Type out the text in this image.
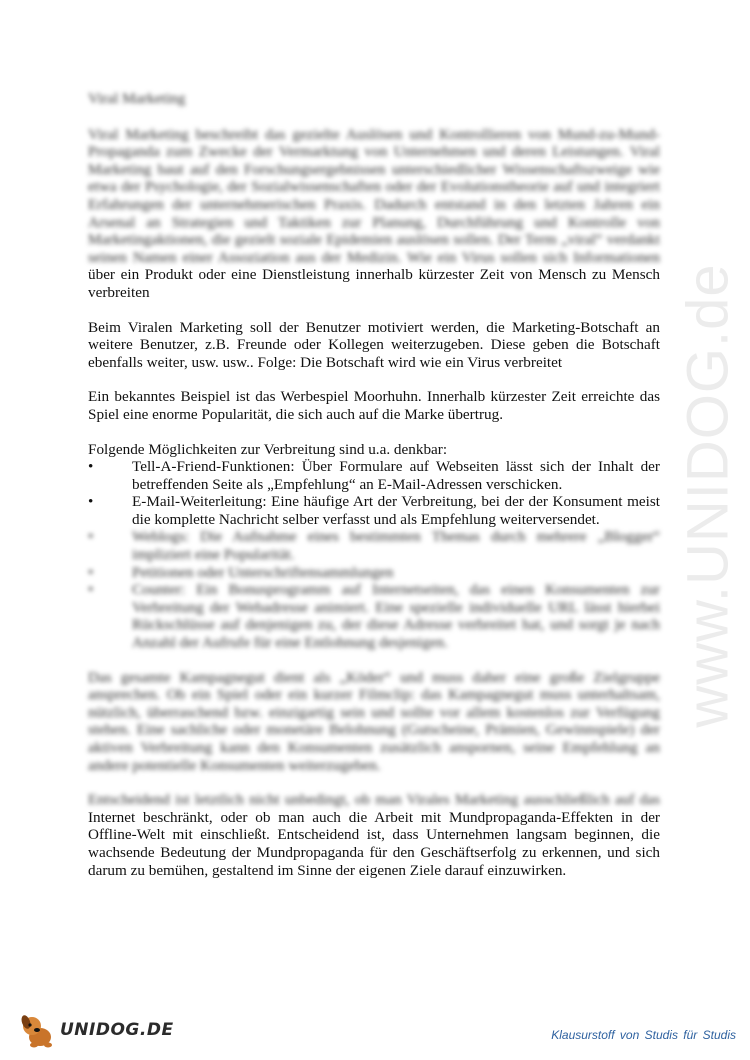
www.UNIDOG.de
Viral Marketing

Viral Marketing beschreibt das gezielte Auslösen und Kontrollieren von Mund-zu-Mund-Propaganda zum Zwecke der Vermarktung von Unternehmen und deren Leistungen. Viral Marketing baut auf den Forschungsergebnissen unterschiedlicher Wissenschaftszweige wie etwa der Psychologie, der Sozialwissenschaften oder der Evolutionstheorie auf und integriert Erfahrungen der unternehmerischen Praxis. Dadurch entstand in den letzten Jahren ein Arsenal an Strategien und Taktiken zur Planung, Durchführung und Kontrolle von Marketingaktionen, die gezielt soziale Epidemien auslösen sollen. Der Term „viral“ verdankt seinen Namen einer Assoziation aus der Medizin. Wie ein Virus sollen sich Informationen über ein Produkt oder eine Dienstleistung innerhalb kürzester Zeit von Mensch zu Mensch verbreiten

Beim Viralen Marketing soll der Benutzer motiviert werden, die Marketing-Botschaft an weitere Benutzer, z.B. Freunde oder Kollegen weiterzugeben. Diese geben die Botschaft ebenfalls weiter, usw. usw.. Folge: Die Botschaft wird wie ein Virus verbreitet

Ein bekanntes Beispiel ist das Werbespiel Moorhuhn. Innerhalb kürzester Zeit erreichte das Spiel eine enorme Popularität, die sich auch auf die Marke übertrug.

Folgende Möglichkeiten zur Verbreitung sind u.a. denkbar:
•	Tell-A-Friend-Funktionen: Über Formulare auf Webseiten lässt sich der Inhalt der betreffenden Seite als „Empfehlung“ an E-Mail-Adressen verschicken.
•	E-Mail-Weiterleitung: Eine häufige Art der Verbreitung, bei der der Konsument meist die komplette Nachricht selber verfasst und als Empfehlung weiterversendet.
•	Weblogs: Die Aufnahme eines bestimmten Themas durch mehrere „Blogger“ impliziert eine Popularität.
•	Petitionen oder Unterschriftensammlungen
•	Counter: Ein Bonusprogramm auf Internetseiten, das einen Konsumenten zur Verbreitung der Webadresse animiert. Eine spezielle individuelle URL lässt hierbei Rückschlüsse auf denjenigen zu, der diese Adresse verbreitet hat, und sorgt je nach Anzahl der Aufrufe für eine Entlohnung desjenigen.

Das gesamte Kampagnegut dient als „Köder“ und muss daher eine große Zielgruppe ansprechen. Ob ein Spiel oder ein kurzer Filmclip: das Kampagnegut muss unterhaltsam, nützlich, überraschend bzw. einzigartig sein und sollte vor allem kostenlos zur Verfügung stehen. Eine sachliche oder monetäre Belohnung (Gutscheine, Prämien, Gewinnspiele) der aktiven Verbreitung kann den Konsumenten zusätzlich anspornen, seine Empfehlung an andere potentielle Konsumenten weiterzugeben.

Entscheidend ist letztlich nicht unbedingt, ob man Virales Marketing ausschließlich auf das Internet beschränkt, oder ob man auch die Arbeit mit Mundpropaganda-Effekten in der Offline-Welt mit einschließt. Entscheidend ist, dass Unternehmen langsam beginnen, die wachsende Bedeutung der Mundpropaganda für den Geschäftserfolg zu erkennen, und sich darum zu bemühen, gestaltend im Sinne der eigenen Ziele darauf einzuwirken.

UNIDOG.DE	Klausurstoff von Studis für Studis
